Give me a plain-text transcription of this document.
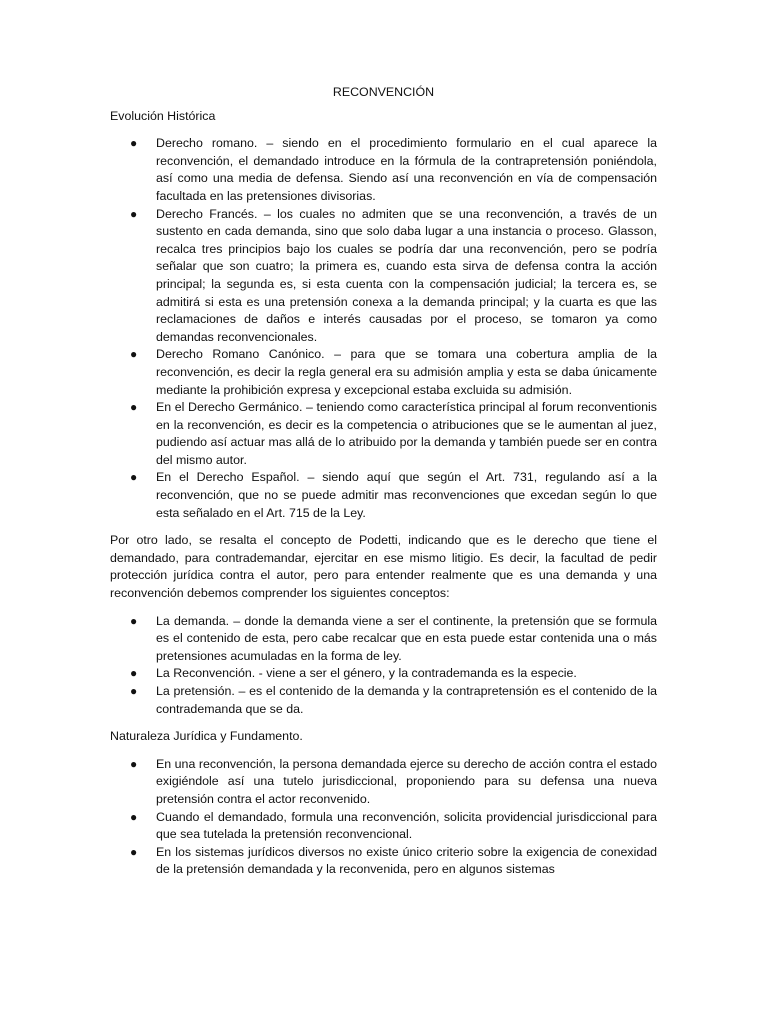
RECONVENCIÓN
Evolución Histórica
● Derecho romano. – siendo en el procedimiento formulario en el cual aparece la reconvención, el demandado introduce en la fórmula de la contrapretensión poniéndola, así como una media de defensa. Siendo así una reconvención en vía de compensación facultada en las pretensiones divisorias.
● Derecho Francés. – los cuales no admiten que se una reconvención, a través de un sustento en cada demanda, sino que solo daba lugar a una instancia o proceso. Glasson, recalca tres principios bajo los cuales se podría dar una reconvención, pero se podría señalar que son cuatro; la primera es, cuando esta sirva de defensa contra la acción principal; la segunda es, si esta cuenta con la compensación judicial; la tercera es, se admitirá si esta es una pretensión conexa a la demanda principal; y la cuarta es que las reclamaciones de daños e interés causadas por el proceso, se tomaron ya como demandas reconvencionales.
● Derecho Romano Canónico. – para que se tomara una cobertura amplia de la reconvención, es decir la regla general era su admisión amplia y esta se daba únicamente mediante la prohibición expresa y excepcional estaba excluida su admisión.
● En el Derecho Germánico. – teniendo como característica principal al forum reconventionis en la reconvención, es decir es la competencia o atribuciones que se le aumentan al juez, pudiendo así actuar mas allá de lo atribuido por la demanda y también puede ser en contra del mismo autor.
● En el Derecho Español. – siendo aquí que según el Art. 731, regulando así a la reconvención, que no se puede admitir mas reconvenciones que excedan según lo que esta señalado en el Art. 715 de la Ley.

Por otro lado, se resalta el concepto de Podetti, indicando que es le derecho que tiene el demandado, para contrademandar, ejercitar en ese mismo litigio. Es decir, la facultad de pedir protección jurídica contra el autor, pero para entender realmente que es una demanda y una reconvención debemos comprender los siguientes conceptos:

● La demanda. – donde la demanda viene a ser el continente, la pretensión que se formula es el contenido de esta, pero cabe recalcar que en esta puede estar contenida una o más pretensiones acumuladas en la forma de ley.
● La Reconvención. - viene a ser el género, y la contrademanda es la especie.
● La pretensión. – es el contenido de la demanda y la contrapretensión es el contenido de la contrademanda que se da.
Naturaleza Jurídica y Fundamento.
● En una reconvención, la persona demandada ejerce su derecho de acción contra el estado exigiéndole así una tutelo jurisdiccional, proponiendo para su defensa una nueva pretensión contra el actor reconvenido.
● Cuando el demandado, formula una reconvención, solicita providencial jurisdiccional para que sea tutelada la pretensión reconvencional.
● En los sistemas jurídicos diversos no existe único criterio sobre la exigencia de conexidad de la pretensión demandada y la reconvenida, pero en algunos sistemas
